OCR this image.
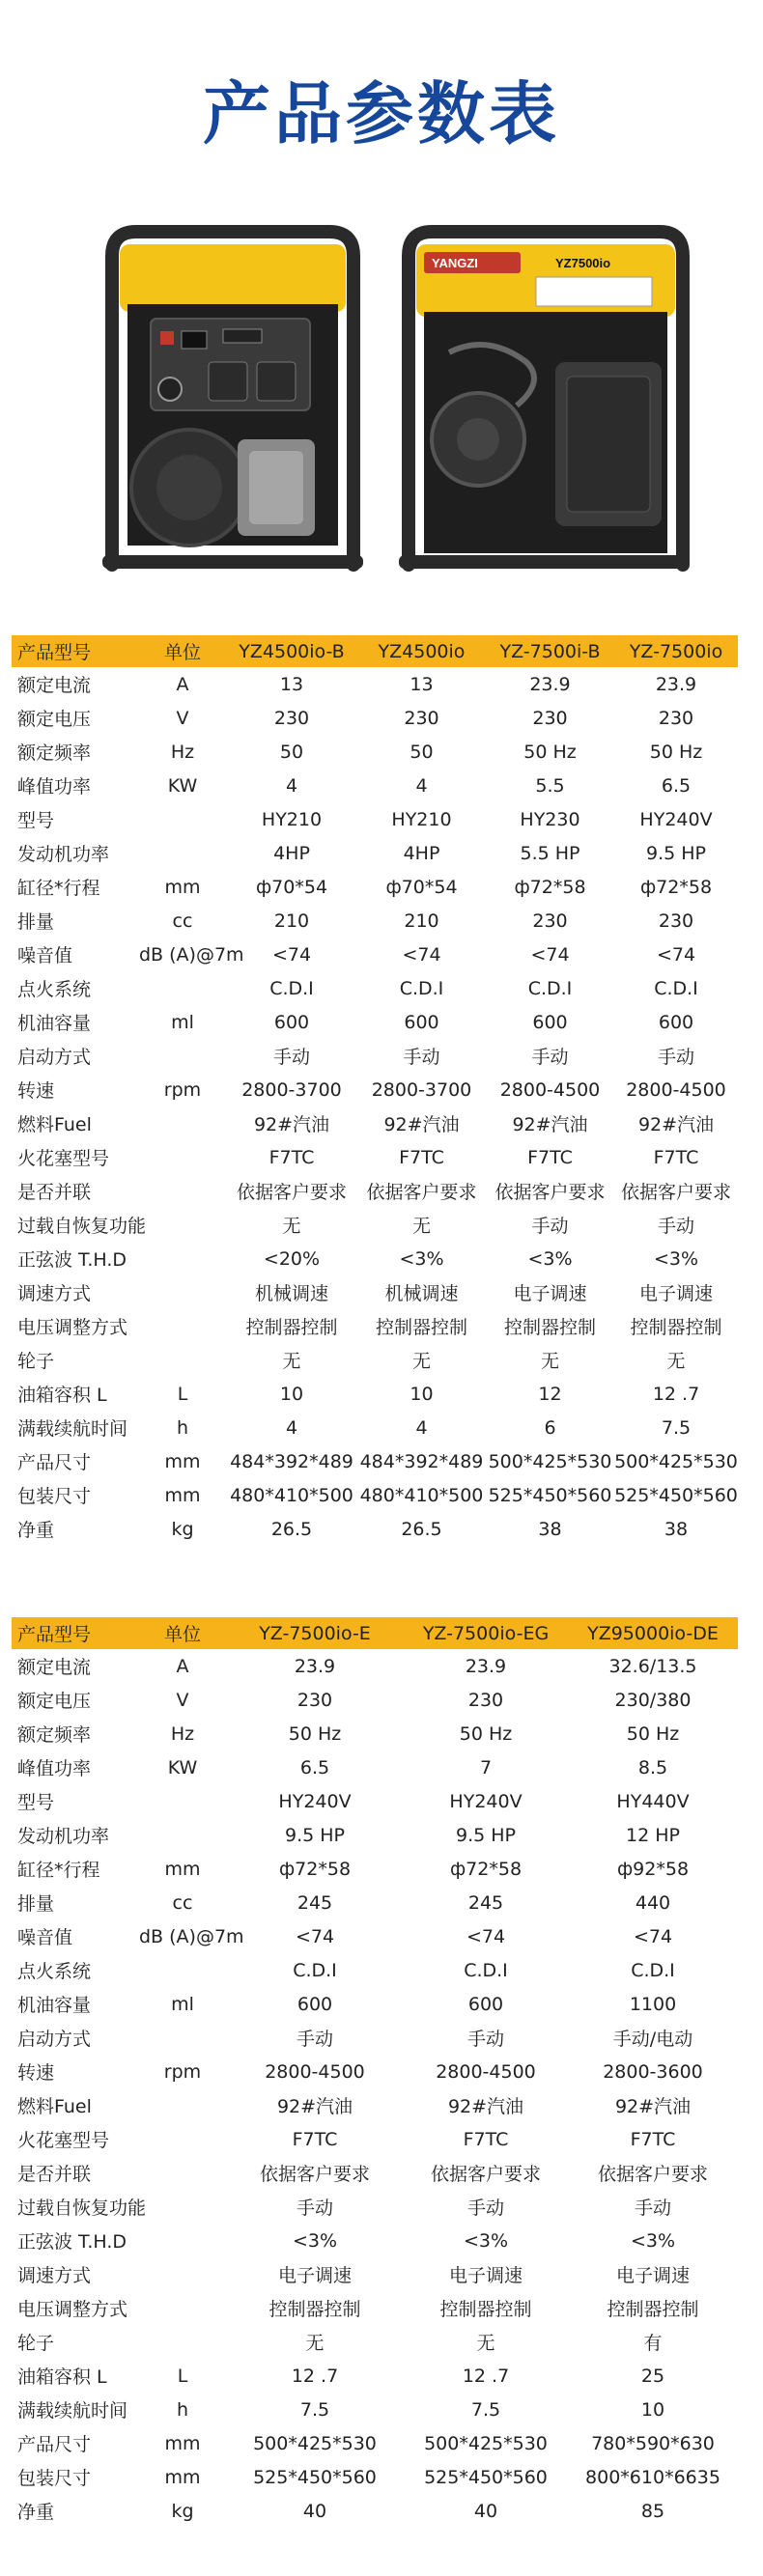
产品参数表
YANGZI	YZ7500io
产品型号	单位	YZ4500io-B	YZ4500io	YZ-7500i-B	YZ-7500io
额定电流	A	13	13	23.9	23.9
额定电压	V	230	230	230	230
额定频率	Hz	50	50	50 Hz	50 Hz
峰值功率	KW	4	4	5.5	6.5
型号		HY210	HY210	HY230	HY240V
发动机功率		4HP	4HP	5.5 HP	9.5 HP
缸径*行程	mm	ф70*54	ф70*54	ф72*58	ф72*58
排量	cc	210	210	230	230
噪音值	dB (A)@7m	<74	<74	<74	<74
点火系统		C.D.I	C.D.I	C.D.I	C.D.I
机油容量	ml	600	600	600	600
启动方式		手动	手动	手动	手动
转速	rpm	2800-3700	2800-3700	2800-4500	2800-4500
燃料Fuel		92#汽油	92#汽油	92#汽油	92#汽油
火花塞型号		F7TC	F7TC	F7TC	F7TC
是否并联		依据客户要求	依据客户要求	依据客户要求	依据客户要求
过载自恢复功能		无	无	手动	手动
正弦波 T.H.D		<20%	<3%	<3%	<3%
调速方式		机械调速	机械调速	电子调速	电子调速
电压调整方式		控制器控制	控制器控制	控制器控制	控制器控制
轮子		无	无	无	无
油箱容积 L	L	10	10	12	12 .7
满载续航时间	h	4	4	6	7.5
产品尺寸	mm	484*392*489	484*392*489	500*425*530	500*425*530
包装尺寸	mm	480*410*500	480*410*500	525*450*560	525*450*560
净重	kg	26.5	26.5	38	38
产品型号	单位	YZ-7500io-E	YZ-7500io-EG	YZ95000io-DE
额定电流	A	23.9	23.9	32.6/13.5
额定电压	V	230	230	230/380
额定频率	Hz	50 Hz	50 Hz	50 Hz
峰值功率	KW	6.5	7	8.5
型号		HY240V	HY240V	HY440V
发动机功率		9.5 HP	9.5 HP	12 HP
缸径*行程	mm	ф72*58	ф72*58	ф92*58
排量	cc	245	245	440
噪音值	dB (A)@7m	<74	<74	<74
点火系统		C.D.I	C.D.I	C.D.I
机油容量	ml	600	600	1100
启动方式		手动	手动	手动/电动
转速	rpm	2800-4500	2800-4500	2800-3600
燃料Fuel		92#汽油	92#汽油	92#汽油
火花塞型号		F7TC	F7TC	F7TC
是否并联		依据客户要求	依据客户要求	依据客户要求
过载自恢复功能		手动	手动	手动
正弦波 T.H.D		<3%	<3%	<3%
调速方式		电子调速	电子调速	电子调速
电压调整方式		控制器控制	控制器控制	控制器控制
轮子		无	无	有
油箱容积 L	L	12 .7	12 .7	25
满载续航时间	h	7.5	7.5	10
产品尺寸	mm	500*425*530	500*425*530	780*590*630
包装尺寸	mm	525*450*560	525*450*560	800*610*6635
净重	kg	40	40	85
